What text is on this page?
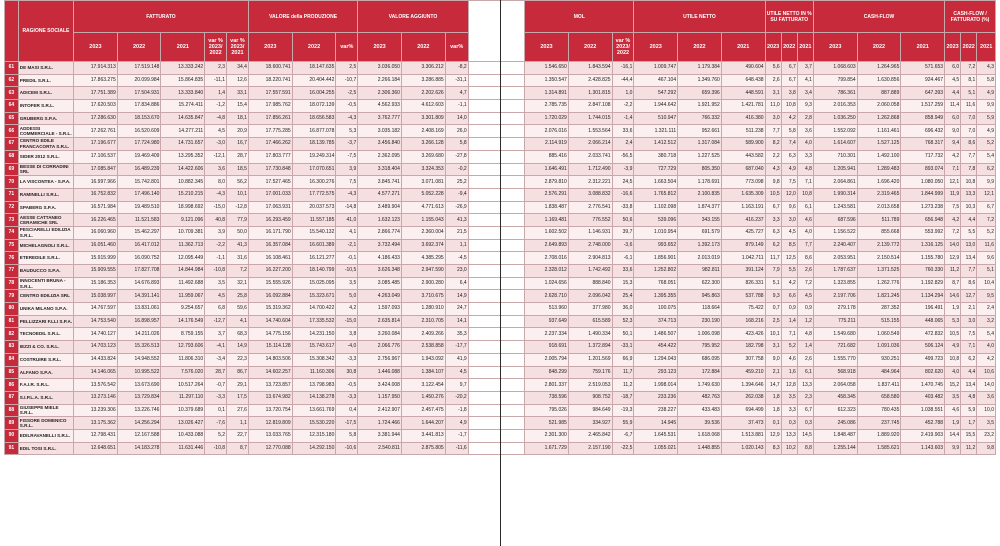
	RAGIONE SOCIALE	FATTURATO					VALORE della PRODUZIONE			VALORE AGGIUNTO				MOL			UTILE NETTO			UTILE NETTO IN % SU FATTURATO			CASH-FLOW			CASH-FLOW / FATTURATO (%)		
		2023	2022	2021	var % 2023/ 2022	var % 2023/ 2021	2023	2022	var%	2023	2022	var%		2023	2022	var % 2023/ 2022	2023	2022	2021	2023	2022	2021	2023	2022	2021	2023	2022	2021
61	DE MASI S.R.L.	17.914.313	17.519.148	13.333.242	2,3	34,4	18.600.741	18.147.635	2,5	3.036.050	3.306.212	-8,2		1.546.650	1.843.594	-16,1	1.009.747	1.179.384	490.604	5,6	6,7	3,7	1.068.603	1.264.965	571.653	6,0	7,2	4,3
62	PREDIL S.R.L.	17.863.275	20.099.984	15.864.835	-11,1	12,6	18.220.741	20.404.442	-10,7	2.266.184	3.286.885	-31,1		1.350.547	2.428.825	-44,4	467.104	1.349.760	648.438	2,6	6,7	4,1	799.854	1.630.856	924.467	4,5	8,1	5,8
63	ADICEM S.R.L.	17.751.389	17.504.931	13.333.840	1,4	33,1	17.557.591	16.004.255	-2,5	2.306.360	2.202.626	4,7		1.314.891	1.301.815	1,0	547.292	659.396	448.591	3,1	3,8	3,4	786.361	887.889	647.393	4,4	5,1	4,9
64	INTOFER S.R.L.	17.620.503	17.834.886	15.274.411	-1,2	15,4	17.985.762	18.072.139	-0,5	4.562.933	4.612.603	-1,1		2.785.735	2.847.108	-2,2	1.944.642	1.921.952	1.421.781	11,0	10,8	9,3	2.016.353	2.060.058	1.517.259	11,4	11,6	9,9
65	GRUBERG S.P.A.	17.286.630	18.153.670	14.635.847	-4,8	18,1	17.856.261	18.656.583	-4,3	3.762.777	3.301.809	14,0		1.720.029	1.744.015	-1,4	510.947	766.332	416.380	3,0	4,2	2,8	1.036.250	1.262.868	858.949	6,0	7,0	5,9
66	ADDESSI COMMERCIALE - S.R.L.	17.262.761	16.520.609	14.277.211	4,5	20,9	17.775.285	16.877.078	5,3	3.035.182	2.408.169	26,0		2.076.016	1.553.564	33,6	1.321.111	952.661	511.238	7,7	5,8	3,6	1.552.092	1.161.461	696.432	9,0	7,0	4,9
67	CENTRO EDILE FRANCACORTA S.R.L.	17.196.677	17.724.980	14.731.657	-3,0	16,7	17.466.262	18.139.785	-3,7	3.456.840	3.266.128	5,8		2.114.919	2.066.214	2,4	1.412.512	1.317.084	589.900	8,2	7,4	4,0	1.614.607	1.527.125	768.317	9,4	8,6	5,2
68	SIDER 2012 S.R.L.	17.106.537	19.469.409	13.295.352	-12,1	28,7	17.803.777	19.249.314	-7,5	2.362.095	3.269.680	-27,8		885.416	2.033.741	-56,5	380.718	1.227.525	443.582	2,2	6,3	3,3	710.301	1.492.100	717.732	4,2	7,7	5,4
69	BESSE DI CORRADINI SRL	17.085.847	16.489.239	14.422.606	3,6	18,5	17.730.848	17.070.651	3,9	3.318.404	3.324.353	-0,2		1.646.491	1.712.490	-3,9	727.729	805.350	687.040	4,3	4,9	4,8	1.205.941	1.289.483	893.074	7,1	7,8	6,2
70	LA VISCONTEA - S.P.A.	16.997.966	15.742.801	10.882.345	8,0	56,2	17.527.465	16.300.276	7,5	3.845.741	3.071.081	25,2		2.879.810	2.312.221	24,5	1.663.504	1.178.691	773.098	9,8	7,5	7,1	2.064.861	1.696.420	1.080.050	12,1	10,8	9,9
71	RAMINELLI S.R.L.	16.752.832	17.496.140	15.210.215	-4,3	10,1	17.001.033	17.772.575	-4,3	4.577.271	5.052.228	-9,4		2.576.291	3.088.832	-16,6	1.765.812	2.100.835	1.635.309	10,5	12,0	10,8	1.990.314	2.319.465	1.844.999	11,9	13,3	12,1
72	SPABERG S.P.A.	16.571.984	19.489.510	18.998.692	-15,0	-12,8	17.063.931	20.037.573	-14,8	3.489.904	4.771.613	-26,9		1.838.487	2.776.541	-33,8	1.102.098	1.874.377	1.163.191	6,7	9,6	6,1	1.243.581	2.013.658	1.273.238	7,5	10,3	6,7
73	AESSE CATTANEO CERAMICHE SRL	16.226.465	11.521.583	9.121.096	40,8	77,9	16.293.459	11.557.185	41,0	1.632.123	1.155.043	41,3		1.169.481	776.552	50,6	539.096	343.155	416.237	3,3	3,0	4,6	687.596	511.789	656.948	4,2	4,4	7,2
74	PESCIARELLI EDILIZIA S.R.L.	16.060.960	15.462.297	10.709.381	3,9	50,0	16.171.790	15.540.132	4,1	2.866.774	2.360.004	21,5		1.602.502	1.146.931	39,7	1.010.954	691.579	425.727	6,3	4,5	4,0	1.156.522	855.668	553.992	7,2	5,5	5,2
75	MICHELAGNOLI S.R.L.	16.051.460	16.417.012	11.362.713	-2,2	41,3	16.357.084	16.601.389	-2,1	3.732.494	3.692.374	1,1		2.649.893	2.748.000	-3,6	993.652	1.392.173	879.149	6,2	8,5	7,7	2.240.407	2.139.772	1.316.125	14,0	13,0	11,6
76	ETEREDILE S.R.L.	15.915.999	16.090.752	12.095.449	-1,1	31,6	16.108.461	16.121.277	-0,1	4.186.433	4.385.295	-4,5		2.708.016	2.904.813	-6,1	1.856.901	2.013.019	1.042.711	11,7	12,5	8,6	2.053.951	2.150.514	1.155.780	12,9	13,4	9,6
77	BAUDUCCO S.P.A.	15.909.555	17.827.708	14.844.984	-10,8	7,2	16.227.200	18.140.799	-10,5	3.626.348	2.947.590	23,0		2.328.012	1.742.492	33,6	1.252.802	982.811	391.124	7,9	5,5	2,6	1.787.637	1.371.525	760.330	11,2	7,7	5,1
78	INNOCENTI BRUNA - S.R.L.	15.186.353	14.676.893	11.492.688	3,5	32,1	15.555.926	15.025.095	3,5	3.085.485	2.900.280	6,4		1.024.656	888.840	15,3	768.051	622.300	826.331	5,1	4,2	7,2	1.323.855	1.262.776	1.192.829	8,7	8,6	10,4
79	CENTRO EDILIZIA SRL	15.038.997	14.391.141	11.959.067	4,5	25,8	16.092.884	15.323.671	5,0	4.263.049	3.710.675	14,9		2.628.710	2.096.042	25,4	1.395.355	945.863	537.788	9,3	6,6	4,5	2.197.706	1.821.245	1.134.294	14,6	12,7	9,5
80	UNIKA MILANO S.P.A.	14.767.597	13.831.061	9.254.657	6,8	59,6	15.319.362	14.700.422	4,2	1.597.093	1.280.910	24,7		513.960	377.980	36,0	100.075	118.664	75.422	0,7	0,9	0,9	279.178	287.352	196.491	1,9	2,1	2,4
81	PELLIZZARI F.LLI S.P.A.	14.753.540	16.898.957	14.176.549	-12,7	4,1	14.740.604	17.335.532	-15,0	2.635.814	2.310.705	14,1		937.649	615.589	52,3	374.713	230.190	168.216	2,5	1,4	1,2	775.211	515.155	448.065	5,3	3,0	3,2
82	TECNOEDIL S.R.L.	14.740.127	14.211.026	8.759.155	3,7	68,3	14.775.156	14.231.150	3,8	3.260.084	2.409.266	35,3		2.237.334	1.490.334	50,1	1.486.507	1.006.098	423.426	10,1	7,1	4,8	1.549.680	1.060.549	472.832	10,5	7,5	5,4
83	IEZZI & CO. S.R.L.	14.703.123	15.326.513	12.793.606	-4,1	14,9	15.114.128	15.743.617	-4,0	2.066.776	2.538.858	-17,7		918.691	1.372.894	-33,1	454.422	795.952	182.798	3,1	5,2	1,4	721.682	1.091.036	506.124	4,9	7,1	4,0
84	COSTRUIRE S.R.L.	14.433.824	14.948.552	11.806.310	-3,4	22,3	14.803.506	15.308.342	-3,3	2.756.967	1.943.092	41,9		2.005.794	1.201.569	66,9	1.294.043	686.095	307.758	9,0	4,6	2,6	1.555.770	930.251	499.723	10,8	6,2	4,2
85	ALFANO S.P.A.	14.146.065	10.995.522	7.576.020	28,7	86,7	14.602.257	11.160.306	30,8	1.446.088	1.384.107	4,5		848.299	759.176	11,7	293.123	172.884	459.210	2,1	1,6	6,1	568.918	484.964	802.620	4,0	4,4	10,6
86	F.A.I.R. S.R.L.	13.576.542	13.673.690	10.517.264	-0,7	29,1	13.723.857	13.798.983	-0,5	3.424.008	3.122.454	9,7		2.801.337	2.519.053	11,2	1.998.014	1.749.630	1.394.646	14,7	12,8	13,3	2.064.058	1.837.411	1.470.745	15,2	13,4	14,0
87	S.I.P.L.A. S.R.L.	13.273.146	13.729.834	11.297.110	-3,3	17,5	13.674.982	14.138.278	-3,3	1.157.950	1.450.276	-20,2		738.596	908.752	-18,7	233.236	482.763	262.038	1,8	3,5	2,3	458.345	658.580	403.482	3,5	4,8	3,6
88	GIUSEPPE MIELE S.R.L.	13.239.306	13.226.746	10.379.689	0,1	27,6	13.720.754	13.661.769	0,4	2.412.907	2.457.475	-1,8		795.026	984.649	-19,3	238.227	433.483	694.499	1,8	3,3	6,7	612.323	780.435	1.038.551	4,6	5,9	10,0
89	FISSORE DOMENICO S.R.L.	13.175.362	14.256.294	13.026.427	-7,6	1,1	12.819.809	15.530.220	-17,5	1.724.466	1.644.207	4,9		521.985	334.927	55,9	14.945	39.536	37.473	0,1	0,3	0,3	245.086	237.745	452.788	1,9	1,7	3,5
90	EDILRAVANELLI S.R.L.	12.798.431	12.167.588	10.433.088	5,2	22,7	13.033.765	12.315.180	5,8	3.381.944	3.441.813	-1,7		2.301.300	2.465.842	-6,7	1.645.531	1.618.068	1.513.881	12,9	13,3	14,5	1.848.487	1.889.920	2.419.903	14,4	15,5	23,2
91	EDIL TOSI S.R.L.	12.648.651	14.183.278	11.631.446	-10,8	8,7	12.770.088	14.292.150	-10,6	2.540.811	2.875.805	-11,6		1.671.729	2.157.190	-22,5	1.055.021	1.448.855	1.020.143	8,3	10,2	8,8	1.255.144	1.585.621	1.143.603	9,9	11,2	9,8
